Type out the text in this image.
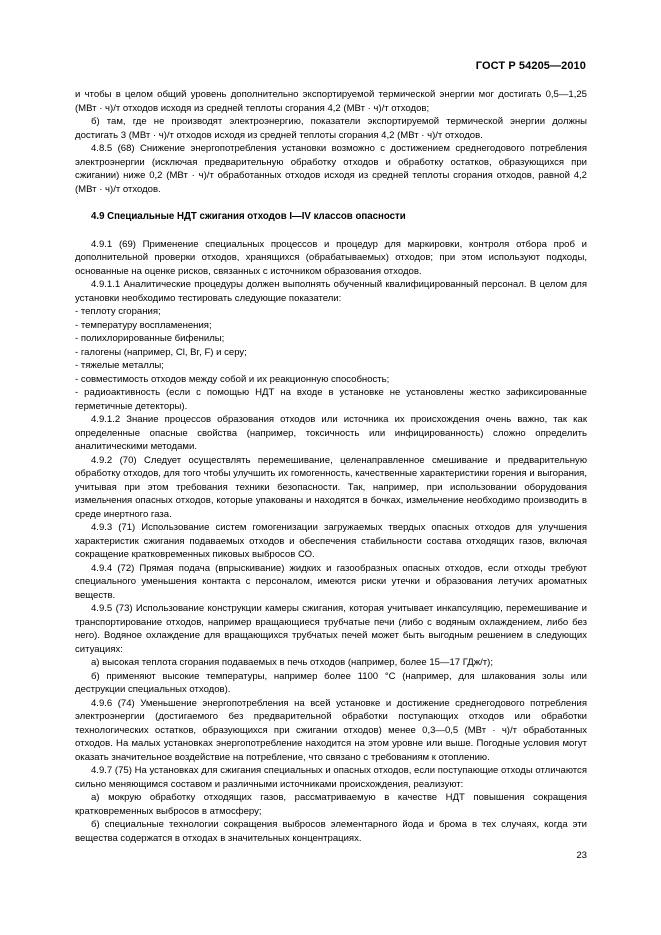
ГОСТ Р 54205—2010

и чтобы в целом общий уровень дополнительно экспортируемой термической энергии мог достигать 0,5—1,25 (МВт · ч)/т отходов исходя из средней теплоты сгорания 4,2 (МВт · ч)/т отходов;

б) там, где не производят электроэнергию, показатели экспортируемой термической энергии должны достигать 3 (МВт · ч)/т отходов исходя из средней теплоты сгорания 4,2 (МВт · ч)/т отходов.

4.8.5 (68) Снижение энергопотребления установки возможно с достижением среднегодового потребления электроэнергии (исключая предварительную обработку отходов и обработку остатков, образующихся при сжигании) ниже 0,2 (МВт · ч)/т обработанных отходов исходя из средней теплоты сгорания отходов, равной 4,2 (МВт · ч)/т отходов.

4.9 Специальные НДТ сжигания отходов I—IV классов опасности

4.9.1 (69) Применение специальных процессов и процедур для маркировки, контроля отбора проб и дополнительной проверки отходов, хранящихся (обрабатываемых) отходов; при этом используют подходы, основанные на оценке рисков, связанных с источником образования отходов.

4.9.1.1 Аналитические процедуры должен выполнять обученный квалифицированный персонал. В целом для установки необходимо тестировать следующие показатели:

- теплоту сгорания;

- температуру воспламенения;

- полихлорированные бифенилы;

- галогены (например, Cl, Br, F) и серу;

- тяжелые металлы;

- совместимость отходов между собой и их реакционную способность;

- радиоактивность (если с помощью НДТ на входе в установке не установлены жестко зафиксированные герметичные детекторы).

4.9.1.2 Знание процессов образования отходов или источника их происхождения очень важно, так как определенные опасные свойства (например, токсичность или инфицированность) сложно определить аналитическими методами.

4.9.2 (70) Следует осуществлять перемешивание, целенаправленное смешивание и предварительную обработку отходов, для того чтобы улучшить их гомогенность, качественные характеристики горения и выгорания, учитывая при этом требования техники безопасности. Так, например, при использовании оборудования измельчения опасных отходов, которые упакованы и находятся в бочках, измельчение необходимо производить в среде инертного газа.

4.9.3 (71) Использование систем гомогенизации загружаемых твердых опасных отходов для улучшения характеристик сжигания подаваемых отходов и обеспечения стабильности состава отходящих газов, включая сокращение кратковременных пиковых выбросов СО.

4.9.4 (72) Прямая подача (впрыскивание) жидких и газообразных опасных отходов, если отходы требуют специального уменьшения контакта с персоналом, имеются риски утечки и образования летучих ароматных веществ.

4.9.5 (73) Использование конструкции камеры сжигания, которая учитывает инкапсуляцию, перемешивание и транспортирование отходов, например вращающиеся трубчатые печи (либо с водяным охлаждением, либо без него). Водяное охлаждение для вращающихся трубчатых печей может быть выгодным решением в следующих ситуациях:

а) высокая теплота сгорания подаваемых в печь отходов (например, более 15—17 ГДж/т);

б) применяют высокие температуры, например более 1100 °С (например, для шлакования золы или деструкции специальных отходов).

4.9.6 (74) Уменьшение энергопотребления на всей установке и достижение среднегодового потребления электроэнергии (достигаемого без предварительной обработки поступающих отходов или обработки технологических остатков, образующихся при сжигании отходов) менее 0,3—0,5 (МВт · ч)/т обработанных отходов. На малых установках энергопотребление находится на этом уровне или выше. Погодные условия могут оказать значительное воздействие на потребление, что связано с требованиям к отоплению.

4.9.7 (75) На установках для сжигания специальных и опасных отходов, если поступающие отходы отличаются сильно меняющимся составом и различными источниками происхождения, реализуют:

а) мокрую обработку отходящих газов, рассматриваемую в качестве НДТ повышения сокращения кратковременных выбросов в атмосферу;

б) специальные технологии сокращения выбросов элементарного йода и брома в тех случаях, когда эти вещества содержатся в отходах в значительных концентрациях.

23
